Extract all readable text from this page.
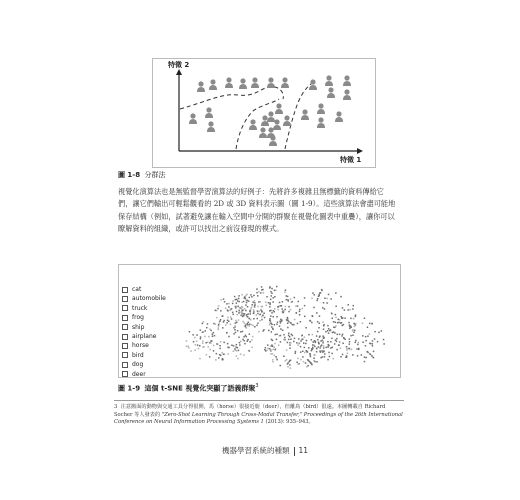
特徵 2
特徵 1
圖 1-8 分群法
視覺化演算法也是無監督學習演算法的好例子：先將許多複雜且無標籤的資料傳給它們，讓它們輸出可輕鬆觀看的 2D 或 3D 資料表示圖（圖 1-9）。這些演算法會盡可能地保存結構（例如，試著避免讓在輸入空間中分開的群聚在視覺化圖表中重疊），讓你可以瞭解資料的組織，或許可以找出之前沒發現的模式。
cat
automobile
truck
frog
ship
airplane
horse
bird
dog
deer
圖 1-9 這個 t-SNE 視覺化突顯了語義群聚$^3$
3 注意搬面的動物與交通工具分得很開，馬（horse）很接近鹿（deer），但離鳥（bird）很遠。本圖轉載自 Richard Socher 等人發表的 "Zero-Shot Learning Through Cross-Modal Transfer," Proceedings of the 26th International Conference on Neural Information Processing Systems 1 (2013): 935–943。
機器學習系統的種類 11
